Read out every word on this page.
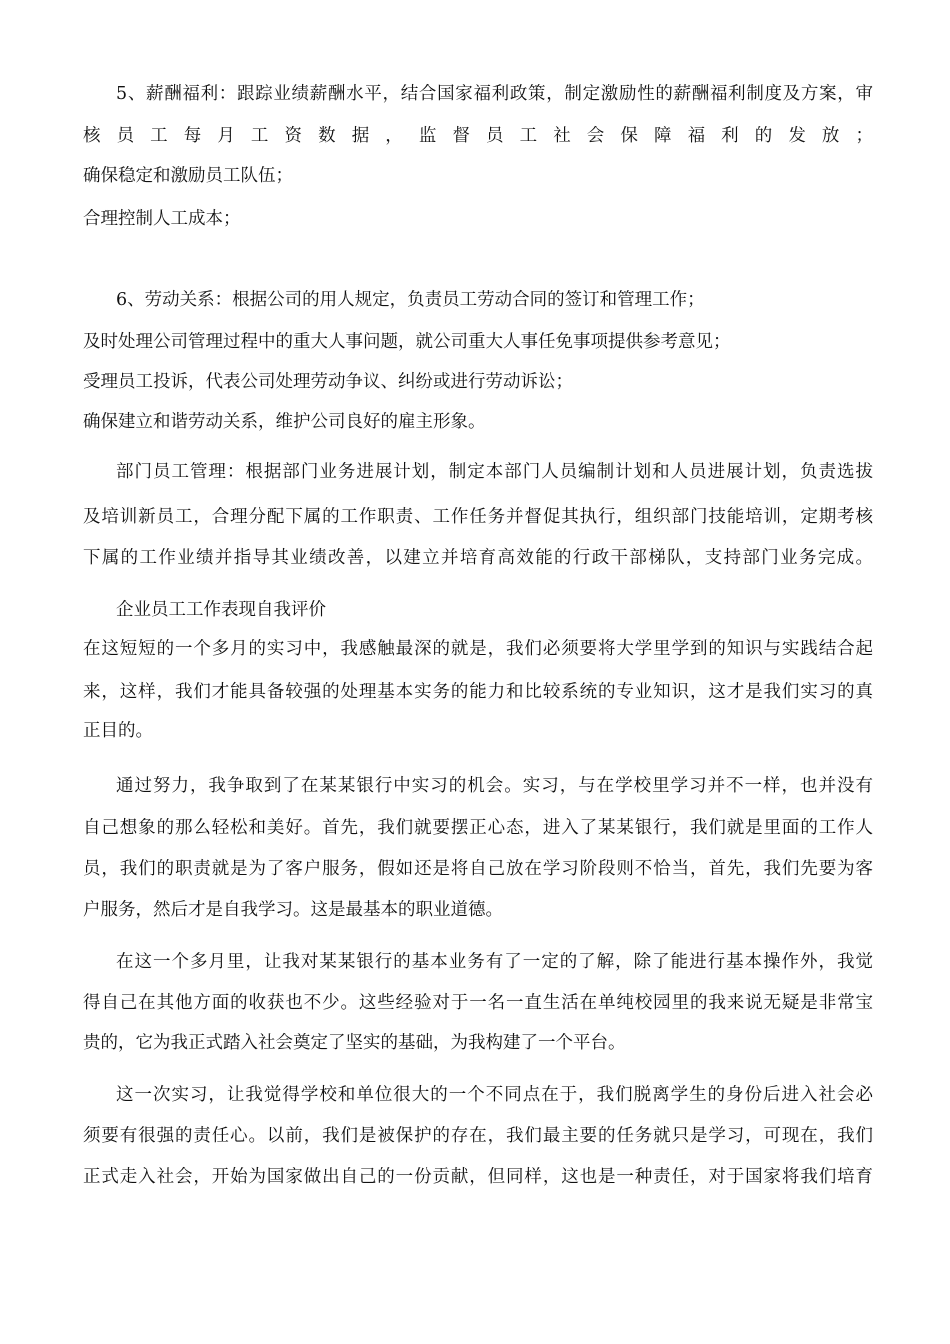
5、薪酬福利：跟踪业绩薪酬水平，结合国家福利政策，制定激励性的薪酬福利制度及方案，审
核员工每月工资数据，监督员工社会保障福利的发放；
确保稳定和激励员工队伍；
合理控制人工成本；
6、劳动关系：根据公司的用人规定，负责员工劳动合同的签订和管理工作；
及时处理公司管理过程中的重大人事问题，就公司重大人事任免事项提供参考意见；
受理员工投诉，代表公司处理劳动争议、纠纷或进行劳动诉讼；
确保建立和谐劳动关系，维护公司良好的雇主形象。
部门员工管理：根据部门业务进展计划，制定本部门人员编制计划和人员进展计划，负责选拔
及培训新员工，合理分配下属的工作职责、工作任务并督促其执行，组织部门技能培训，定期考核
下属的工作业绩并指导其业绩改善，以建立并培育高效能的行政干部梯队，支持部门业务完成。
企业员工工作表现自我评价
在这短短的一个多月的实习中，我感触最深的就是，我们必须要将大学里学到的知识与实践结合起
来，这样，我们才能具备较强的处理基本实务的能力和比较系统的专业知识，这才是我们实习的真
正目的。
通过努力，我争取到了在某某银行中实习的机会。实习，与在学校里学习并不一样，也并没有
自己想象的那么轻松和美好。首先，我们就要摆正心态，进入了某某银行，我们就是里面的工作人
员，我们的职责就是为了客户服务，假如还是将自己放在学习阶段则不恰当，首先，我们先要为客
户服务，然后才是自我学习。这是最基本的职业道德。
在这一个多月里，让我对某某银行的基本业务有了一定的了解，除了能进行基本操作外，我觉
得自己在其他方面的收获也不少。这些经验对于一名一直生活在单纯校园里的我来说无疑是非常宝
贵的，它为我正式踏入社会奠定了坚实的基础，为我构建了一个平台。
这一次实习，让我觉得学校和单位很大的一个不同点在于，我们脱离学生的身份后进入社会必
须要有很强的责任心。以前，我们是被保护的存在，我们最主要的任务就只是学习，可现在，我们
正式走入社会，开始为国家做出自己的一份贡献，但同样，这也是一种责任，对于国家将我们培育
